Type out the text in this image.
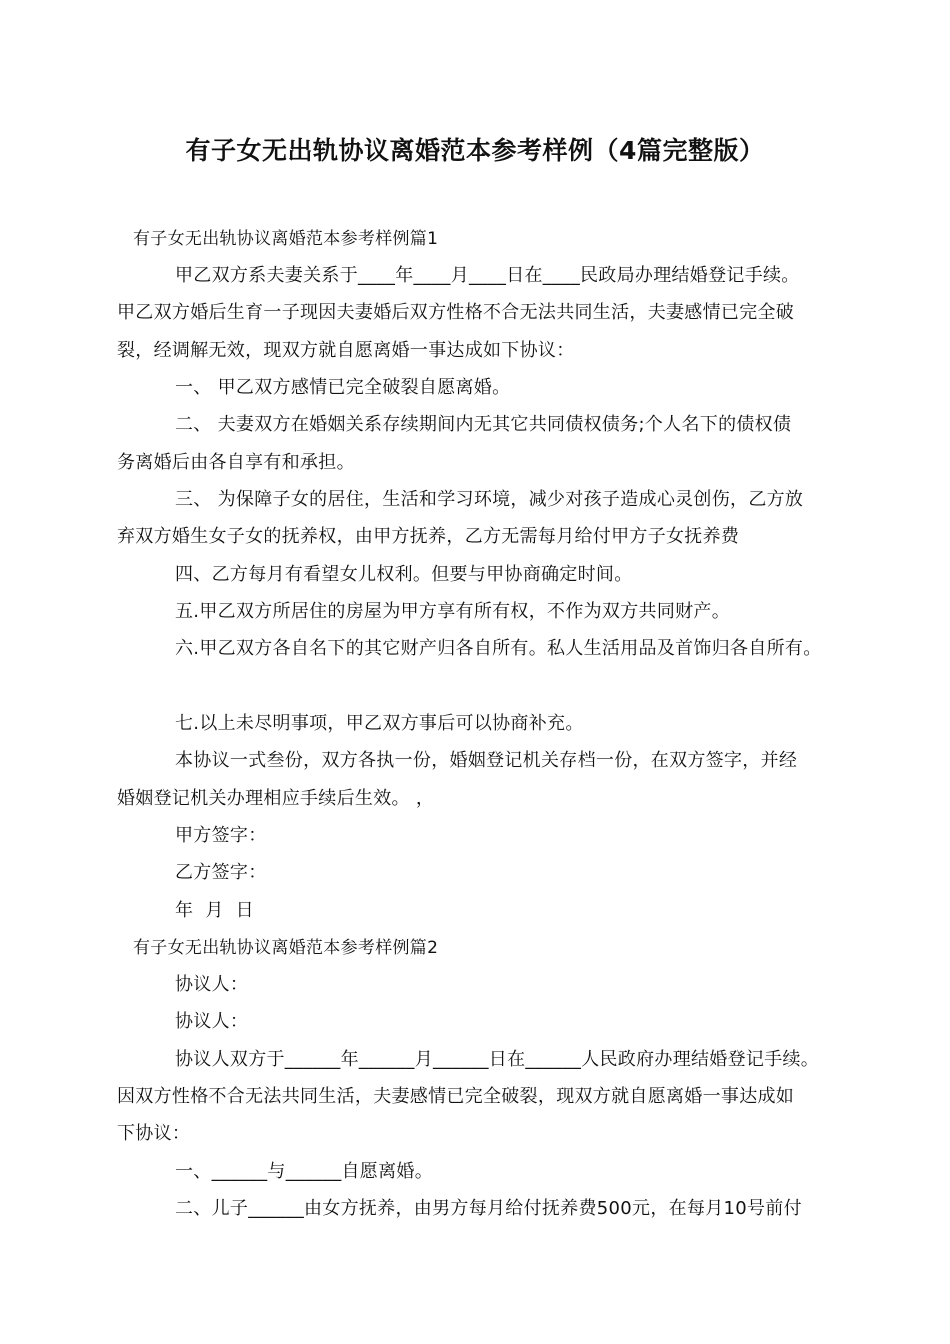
有子女无出轨协议离婚范本参考样例（4篇完整版）
有子女无出轨协议离婚范本参考样例篇1
甲乙双方系夫妻关系于____年____月____日在____民政局办理结婚登记手续。
甲乙双方婚后生育一子现因夫妻婚后双方性格不合无法共同生活，夫妻感情已完全破
裂，经调解无效，现双方就自愿离婚一事达成如下协议：
一、 甲乙双方感情已完全破裂自愿离婚。
二、 夫妻双方在婚姻关系存续期间内无其它共同债权债务;个人名下的债权债
务离婚后由各自享有和承担。
三、 为保障子女的居住，生活和学习环境，减少对孩子造成心灵创伤，乙方放
弃双方婚生女子女的抚养权，由甲方抚养，乙方无需每月给付甲方子女抚养费
四、乙方每月有看望女儿权利。但要与甲协商确定时间。
五.甲乙双方所居住的房屋为甲方享有所有权，不作为双方共同财产。
六.甲乙双方各自名下的其它财产归各自所有。私人生活用品及首饰归各自所有。
七.以上未尽明事项，甲乙双方事后可以协商补充。
本协议一式叁份，双方各执一份，婚姻登记机关存档一份，在双方签字，并经
婚姻登记机关办理相应手续后生效。 ，
甲方签字：
乙方签字：
年  月  日
有子女无出轨协议离婚范本参考样例篇2
协议人：
协议人：
协议人双方于______年______月______日在______人民政府办理结婚登记手续。
因双方性格不合无法共同生活，夫妻感情已完全破裂，现双方就自愿离婚一事达成如
下协议：
一、______与______自愿离婚。
二、儿子______由女方抚养，由男方每月给付抚养费500元，在每月10号前付
